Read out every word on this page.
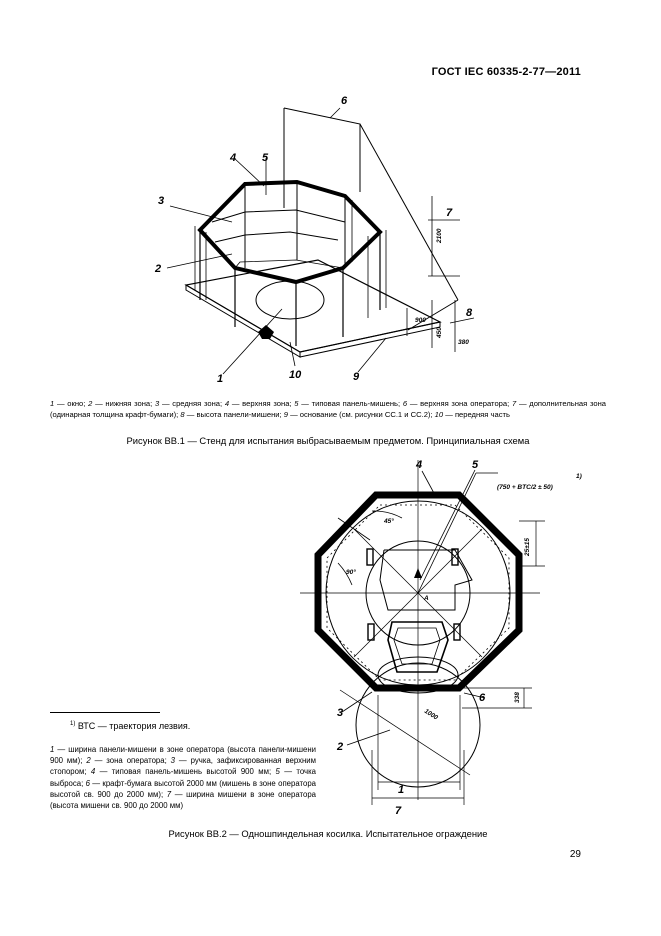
ГОСТ IEC 60335-2-77—2011
6
4 5
3
7
2
8
1	10	9
2100
900
450
380
1 — окно; 2 — нижняя зона; 3 — средняя зона; 4 — верхняя зона; 5 — типовая панель-мишень; 6 — верхняя зона оператора; 7 — дополнительная зона (одинарная толщина крафт-бумаги); 8 — высота панели-мишени; 9 — основание (см. рисунки СС.1 и СС.2); 10 — передняя часть
Рисунок ВВ.1 — Стенд для испытания выбрасываемым предметом. Принципиальная схема
4	5
3
6
2
1
7
(750 + BTC/2 ± 50)
1)
25±15
338
1000
45°
90°
A
$^{1)}$ ВТС — траектория лезвия.
1 — ширина панели-мишени в зоне оператора (высота панели-мишени 900 мм); 2 — зона оператора; 3 — ручка, зафиксированная верхним стопором; 4 — типовая панель-мишень высотой 900 мм; 5 — точка выброса; 6 — крафт-бумага высотой 2000 мм (мишень в зоне оператора высотой св. 900 до 2000 мм); 7 — ширина мишени в зоне оператора (высота мишени св. 900 до 2000 мм)
Рисунок ВВ.2 — Одношпиндельная косилка. Испытательное ограждение
29
